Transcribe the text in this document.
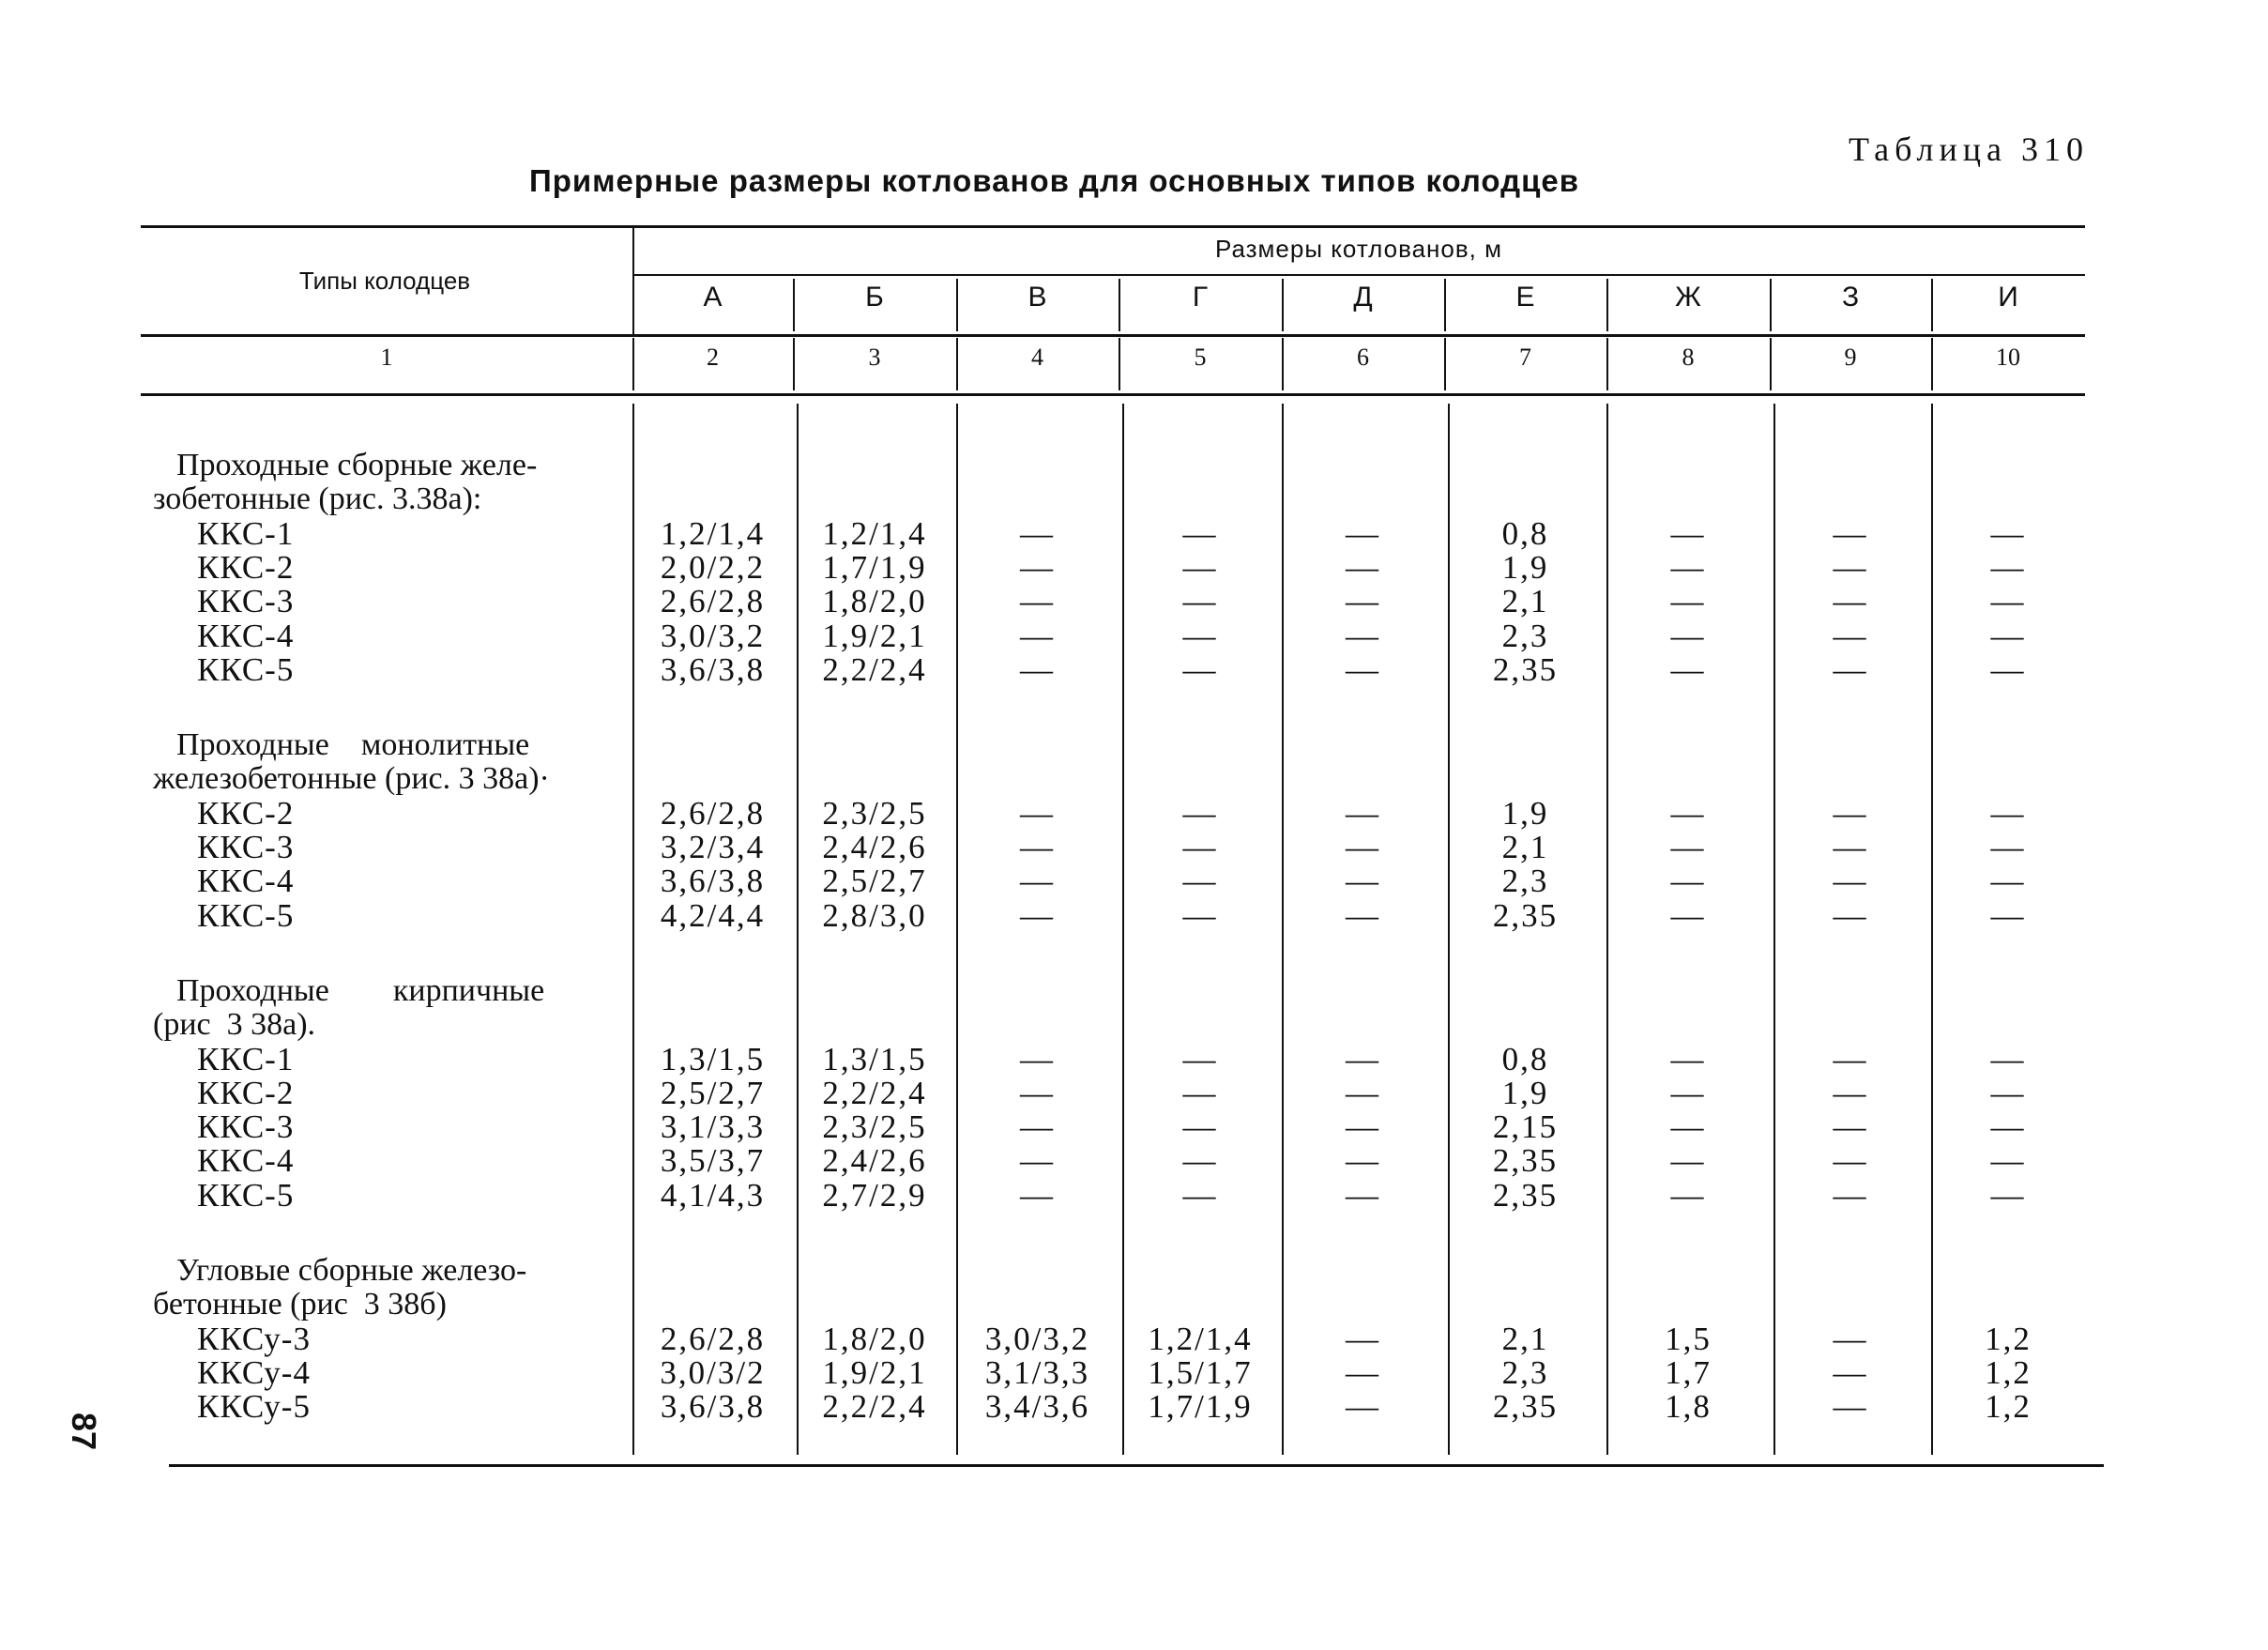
Таблица 310
Примерные размеры котлованов для основных типов колодцев
Типы колодцев
Размеры котлованов, м
А	Б	В	Г	Д	Е	Ж	З	И
1	2	3	4	5	6	7	8	9	10
Проходные сборные желе-
зобетонные (рис. 3.38а):
ККС-1	1,2/1,4	1,2/1,4	—	—	—	0,8	—	—	—
ККС-2	2,0/2,2	1,7/1,9	—	—	—	1,9	—	—	—
ККС-3	2,6/2,8	1,8/2,0	—	—	—	2,1	—	—	—
ККС-4	3,0/3,2	1,9/2,1	—	—	—	2,3	—	—	—
ККС-5	3,6/3,8	2,2/2,4	—	—	—	2,35	—	—	—
Проходные    монолитные
железобетонные (рис. 3 38а)·
ККС-2	2,6/2,8	2,3/2,5	—	—	—	1,9	—	—	—
ККС-3	3,2/3,4	2,4/2,6	—	—	—	2,1	—	—	—
ККС-4	3,6/3,8	2,5/2,7	—	—	—	2,3	—	—	—
ККС-5	4,2/4,4	2,8/3,0	—	—	—	2,35	—	—	—
Проходные        кирпичные
(рис  3 38а).
ККС-1	1,3/1,5	1,3/1,5	—	—	—	0,8	—	—	—
ККС-2	2,5/2,7	2,2/2,4	—	—	—	1,9	—	—	—
ККС-3	3,1/3,3	2,3/2,5	—	—	—	2,15	—	—	—
ККС-4	3,5/3,7	2,4/2,6	—	—	—	2,35	—	—	—
ККС-5	4,1/4,3	2,7/2,9	—	—	—	2,35	—	—	—
Угловые сборные железо-
бетонные (рис  3 38б)
ККСу-3	2,6/2,8	1,8/2,0	3,0/3,2	1,2/1,4	—	2,1	1,5	—	1,2
ККСу-4	3,0/3/2	1,9/2,1	3,1/3,3	1,5/1,7	—	2,3	1,7	—	1,2
ККСу-5	3,6/3,8	2,2/2,4	3,4/3,6	1,7/1,9	—	2,35	1,8	—	1,2
87
